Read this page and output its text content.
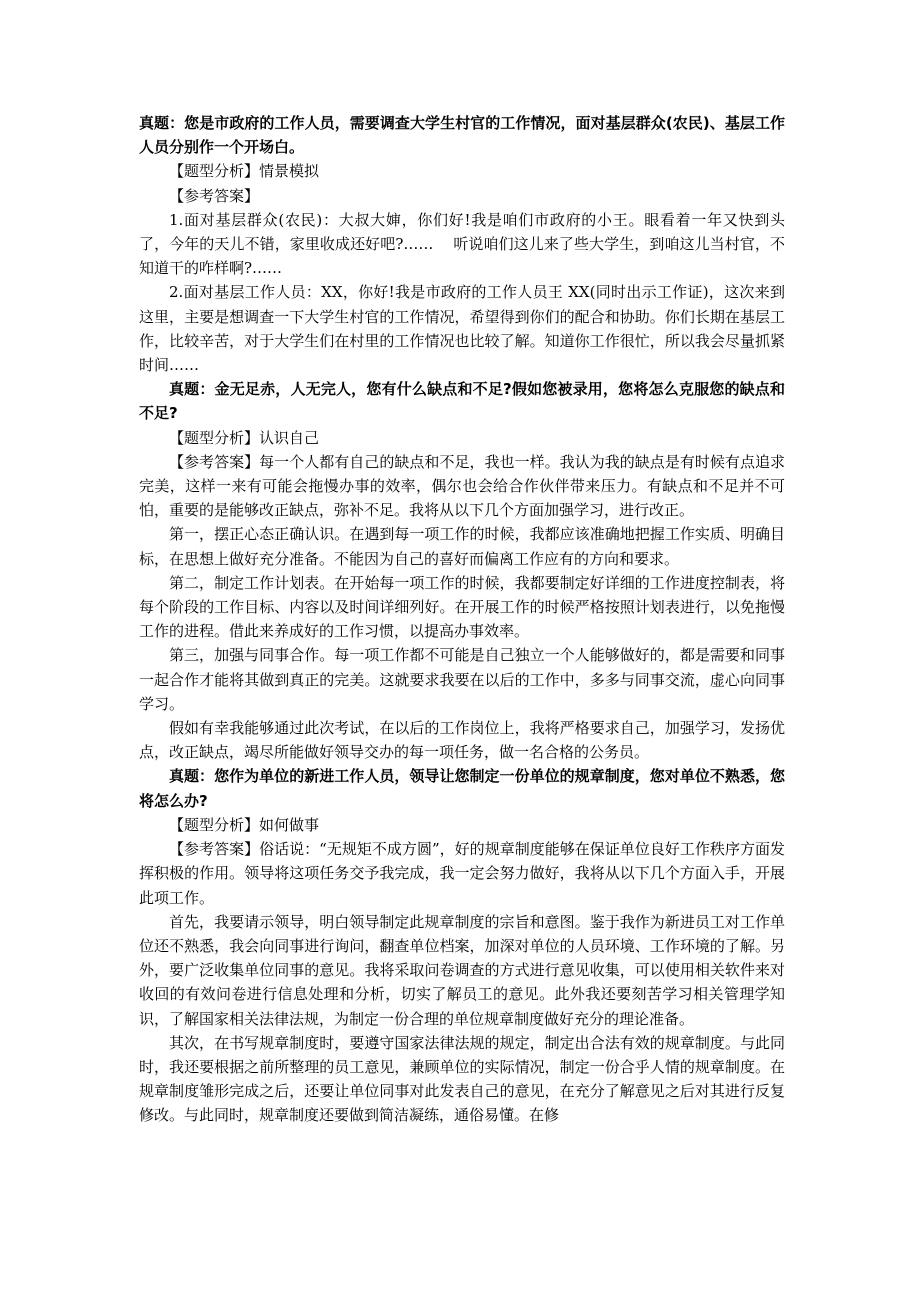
真题：您是市政府的工作人员，需要调查大学生村官的工作情况，面对基层群众(农民)、基层工作人员分别作一个开场白。

【题型分析】情景模拟

【参考答案】

1.面对基层群众(农民)：大叔大婶，你们好!我是咱们市政府的小王。眼看着一年又快到头了，今年的天儿不错，家里收成还好吧?……　 听说咱们这儿来了些大学生，到咱这儿当村官，不知道干的咋样啊?……

2.面对基层工作人员：XX，你好!我是市政府的工作人员王 XX(同时出示工作证)，这次来到这里，主要是想调查一下大学生村官的工作情况，希望得到你们的配合和协助。你们长期在基层工作，比较辛苦，对于大学生们在村里的工作情况也比较了解。知道你工作很忙，所以我会尽量抓紧时间……

真题：金无足赤，人无完人，您有什么缺点和不足?假如您被录用，您将怎么克服您的缺点和不足?

【题型分析】认识自己

【参考答案】每一个人都有自己的缺点和不足，我也一样。我认为我的缺点是有时候有点追求完美，这样一来有可能会拖慢办事的效率，偶尔也会给合作伙伴带来压力。有缺点和不足并不可怕，重要的是能够改正缺点，弥补不足。我将从以下几个方面加强学习，进行改正。

第一，摆正心态正确认识。在遇到每一项工作的时候，我都应该准确地把握工作实质、明确目标，在思想上做好充分准备。不能因为自己的喜好而偏离工作应有的方向和要求。

第二，制定工作计划表。在开始每一项工作的时候，我都要制定好详细的工作进度控制表，将每个阶段的工作目标、内容以及时间详细列好。在开展工作的时候严格按照计划表进行，以免拖慢工作的进程。借此来养成好的工作习惯，以提高办事效率。

第三，加强与同事合作。每一项工作都不可能是自己独立一个人能够做好的，都是需要和同事一起合作才能将其做到真正的完美。这就要求我要在以后的工作中，多多与同事交流，虚心向同事学习。

假如有幸我能够通过此次考试，在以后的工作岗位上，我将严格要求自己，加强学习，发扬优点，改正缺点，竭尽所能做好领导交办的每一项任务，做一名合格的公务员。

真题：您作为单位的新进工作人员，领导让您制定一份单位的规章制度，您对单位不熟悉，您将怎么办?

【题型分析】如何做事

【参考答案】俗话说：“无规矩不成方圆”，好的规章制度能够在保证单位良好工作秩序方面发挥积极的作用。领导将这项任务交予我完成，我一定会努力做好，我将从以下几个方面入手，开展此项工作。

首先，我要请示领导，明白领导制定此规章制度的宗旨和意图。鉴于我作为新进员工对工作单位还不熟悉，我会向同事进行询问，翻查单位档案，加深对单位的人员环境、工作环境的了解。另外，要广泛收集单位同事的意见。我将采取问卷调查的方式进行意见收集，可以使用相关软件来对收回的有效问卷进行信息处理和分析，切实了解员工的意见。此外我还要刻苦学习相关管理学知识，了解国家相关法律法规，为制定一份合理的单位规章制度做好充分的理论准备。

其次，在书写规章制度时，要遵守国家法律法规的规定，制定出合法有效的规章制度。与此同时，我还要根据之前所整理的员工意见，兼顾单位的实际情况，制定一份合乎人情的规章制度。在规章制度雏形完成之后，还要让单位同事对此发表自己的意见，在充分了解意见之后对其进行反复修改。与此同时，规章制度还要做到简洁凝练，通俗易懂。在修
